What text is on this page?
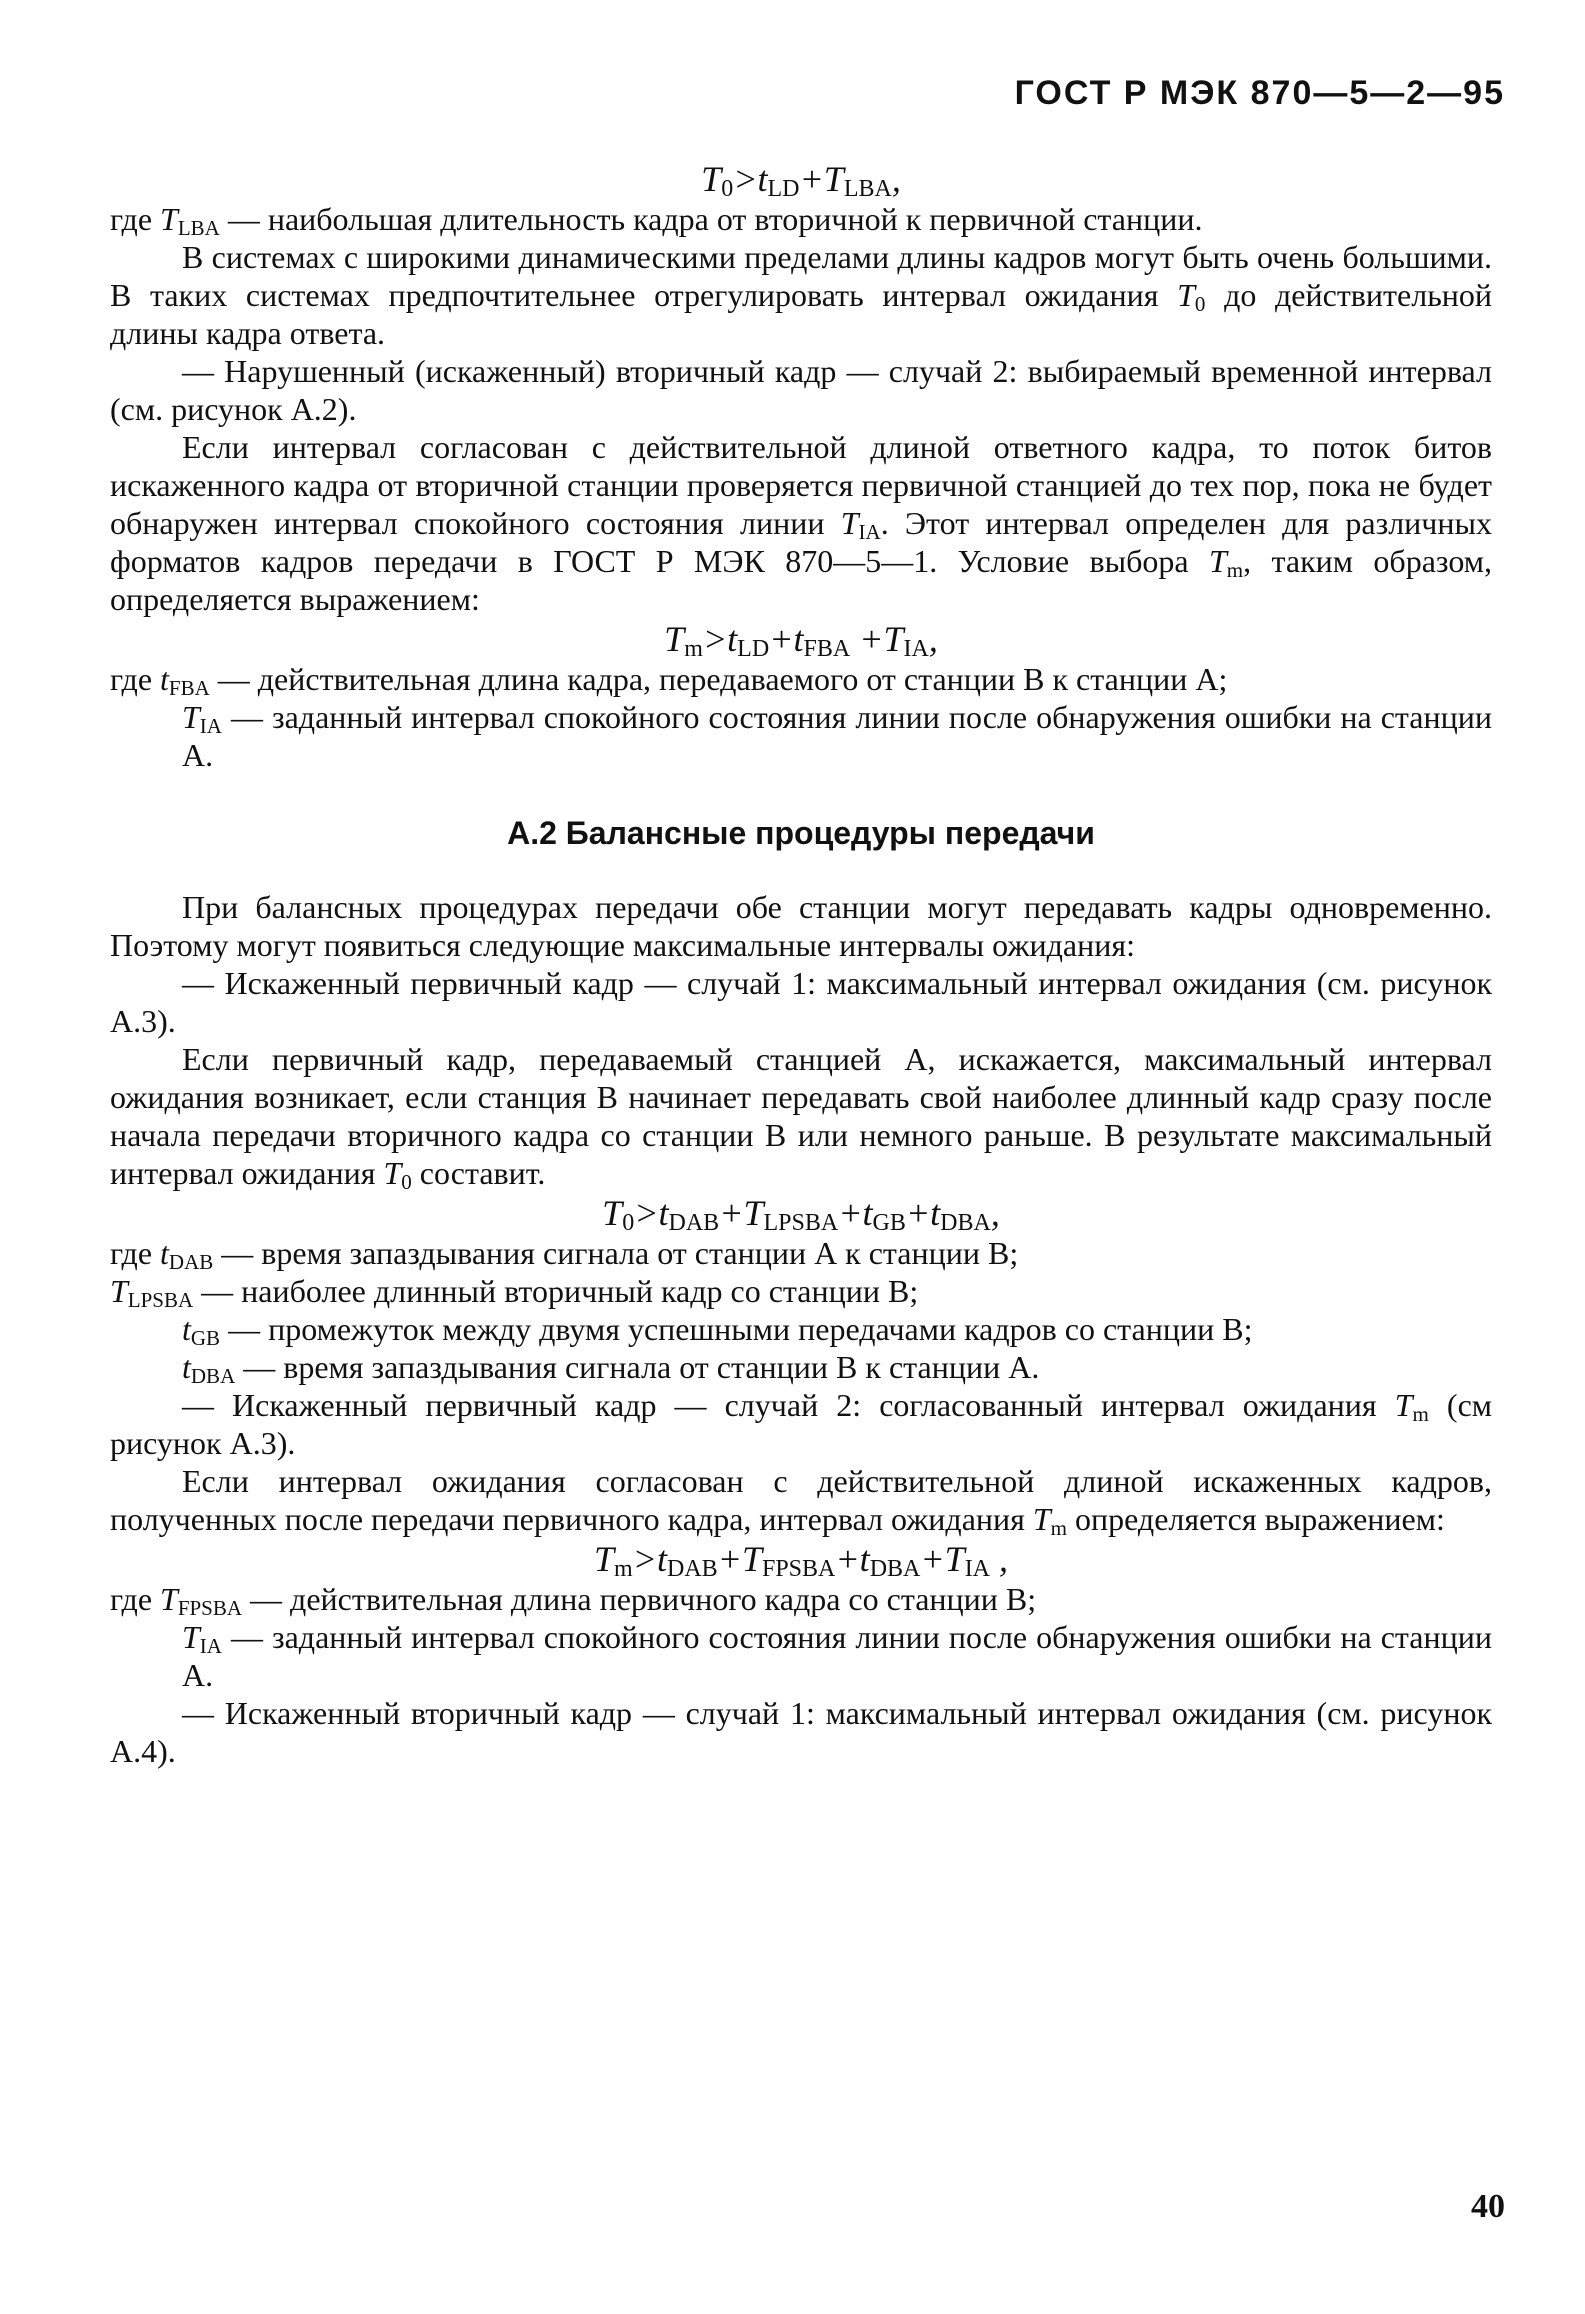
ГОСТ Р МЭК 870—5—2—95

$T_0>t_{LD}+T_{LBA}$,

где $T_{LBA}$ — наибольшая длительность кадра от вторичной к первичной станции.

В системах с широкими динамическими пределами длины кадров могут быть очень большими. В таких системах предпочтительнее отрегулировать интервал ожидания $T_0$ до действительной длины кадра ответа.

— Нарушенный (искаженный) вторичный кадр — случай 2: выбираемый временной интервал (см. рисунок А.2).

Если интервал согласован с действительной длиной ответного кадра, то поток битов искаженного кадра от вторичной станции проверяется первичной станцией до тех пор, пока не будет обнаружен интервал спокойного состояния линии $T_{IA}$. Этот интервал определен для различных форматов кадров передачи в ГОСТ Р МЭК 870—5—1. Условие выбора $T_m$, таким образом, определяется выражением:

$T_m>t_{LD}+t_{FBA} +T_{IA}$,

где $t_{FBA}$ — действительная длина кадра, передаваемого от станции В к станции А;

$T_{IA}$ — заданный интервал спокойного состояния линии после обнаружения ошибки на станции А.

А.2 Балансные процедуры передачи

При балансных процедурах передачи обе станции могут передавать кадры одновременно. Поэтому могут появиться следующие максимальные интервалы ожидания:

— Искаженный первичный кадр — случай 1: максимальный интервал ожидания (см. рисунок А.3).

Если первичный кадр, передаваемый станцией А, искажается, максимальный интервал ожидания возникает, если станция В начинает передавать свой наиболее длинный кадр сразу после начала передачи вторичного кадра со станции В или немного раньше. В результате максимальный интервал ожидания $T_0$ составит.

$T_0>t_{DAB}+T_{LPSBA}+t_{GB}+t_{DBA}$,

где $t_{DAB}$ — время запаздывания сигнала от станции А к станции В;

$T_{LPSBA}$ — наиболее длинный вторичный кадр со станции В;

$t_{GB}$ — промежуток между двумя успешными передачами кадров со станции В;

$t_{DBA}$ — время запаздывания сигнала от станции В к станции А.

— Искаженный первичный кадр — случай 2: согласованный интервал ожидания $T_m$ (см рисунок А.3).

Если интервал ожидания согласован с действительной длиной искаженных кадров, полученных после передачи первичного кадра, интервал ожидания $T_m$ определяется выражением:

$T_m>t_{DAB}+T_{FPSBA}+t_{DBA}+T_{IA}$ ,

где $T_{FPSBA}$ — действительная длина первичного кадра со станции В;

$T_{IA}$ — заданный интервал спокойного состояния линии после обнаружения ошибки на станции А.

— Искаженный вторичный кадр — случай 1: максимальный интервал ожидания (см. рисунок А.4).

40
